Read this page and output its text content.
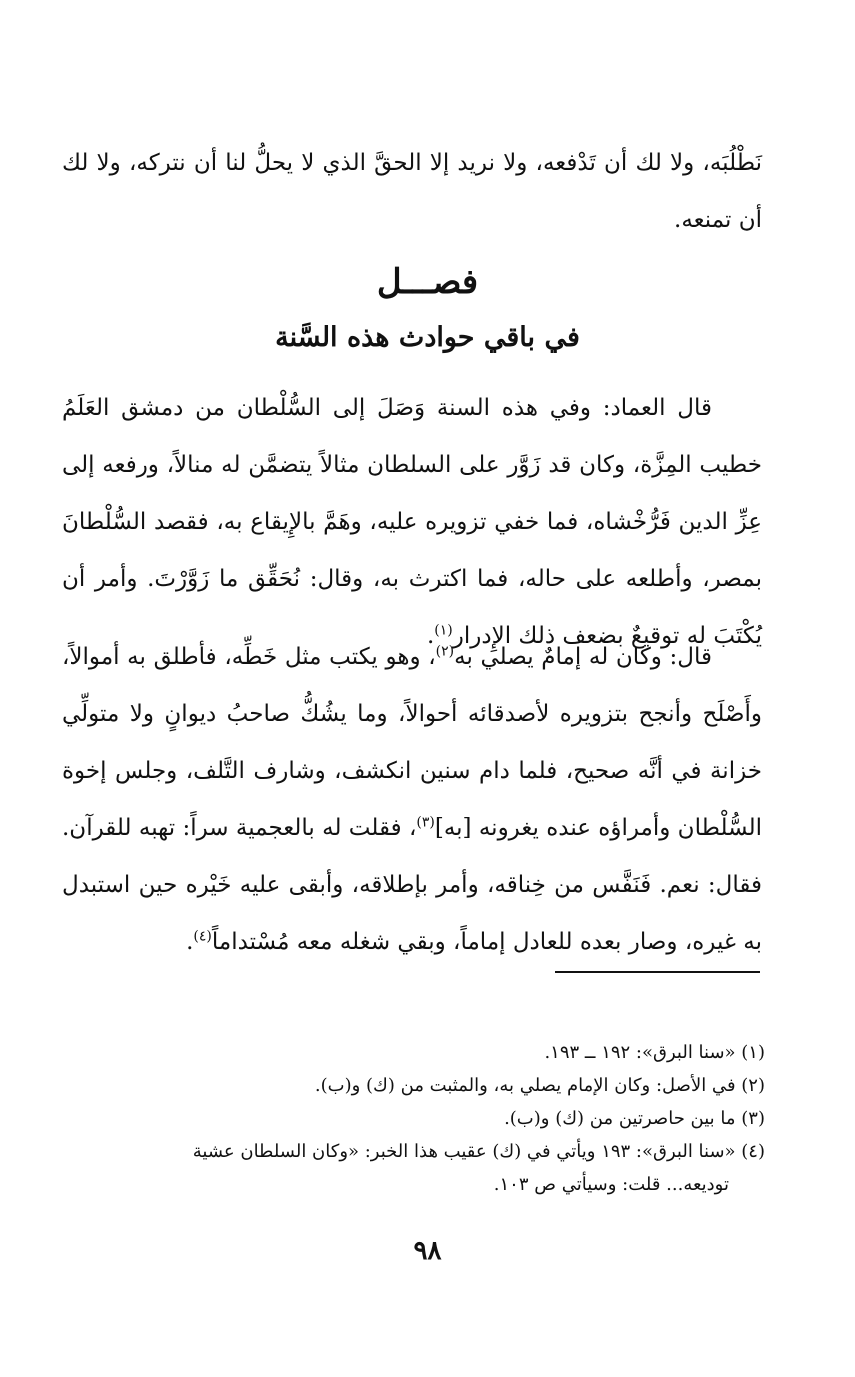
نَطْلُبَه، ولا لك أن تَدْفعه، ولا نريد إلا الحقَّ الذي لا يحلُّ لنا أن نتركه، ولا لك أن تمنعه.

فصـــل
في باقي حوادث هذه السَّنة

قال العماد: وفي هذه السنة وَصَلَ إلى السُّلْطان من دمشق العَلَمُ خطيب المِزَّة، وكان قد زَوَّر على السلطان مثالاً يتضمَّن له منالاً، ورفعه إلى عِزِّ الدين فَرُّخْشاه، فما خفي تزويره عليه، وهَمَّ بالإِيقاع به، فقصد السُّلْطانَ بمصر، وأطلعه على حاله، فما اكترث به، وقال: نُحَقِّق ما زَوَّرْتَ. وأمر أن يُكْتَبَ له توقيعٌ بضعف ذلك الإِدرار$^{(١)}$.

قال: وكان له إمامٌ يصلي به$^{(٢)}$، وهو يكتب مثل خَطِّه، فأطلق به أموالاً، وأَصْلَح وأنجح بتزويره لأصدقائه أحوالاً، وما يشُكُّ صاحبُ ديوانٍ ولا متولِّي خزانة في أنَّه صحيح، فلما دام سنين انكشف، وشارف التَّلف، وجلس إخوة السُّلْطان وأمراؤه عنده يغرونه [به]$^{(٣)}$، فقلت له بالعجمية سراً: تهبه للقرآن. فقال: نعم. فَنَفَّس من خِناقه، وأمر بإطلاقه، وأبقى عليه خَيْره حين استبدل به غيره، وصار بعده للعادل إماماً، وبقي شغله معه مُسْتداماً$^{(٤)}$.

(١) «سنا البرق»: ١٩٢ ــ ١٩٣.

(٢) في الأصل: وكان الإمام يصلي به، والمثبت من (ك) و(ب).

(٣) ما بين حاصرتين من (ك) و(ب).

(٤) «سنا البرق»: ١٩٣ ويأتي في (ك) عقيب هذا الخبر: «وكان السلطان عشية

توديعه... قلت: وسيأتي ص ١٠٣.

٩٨
